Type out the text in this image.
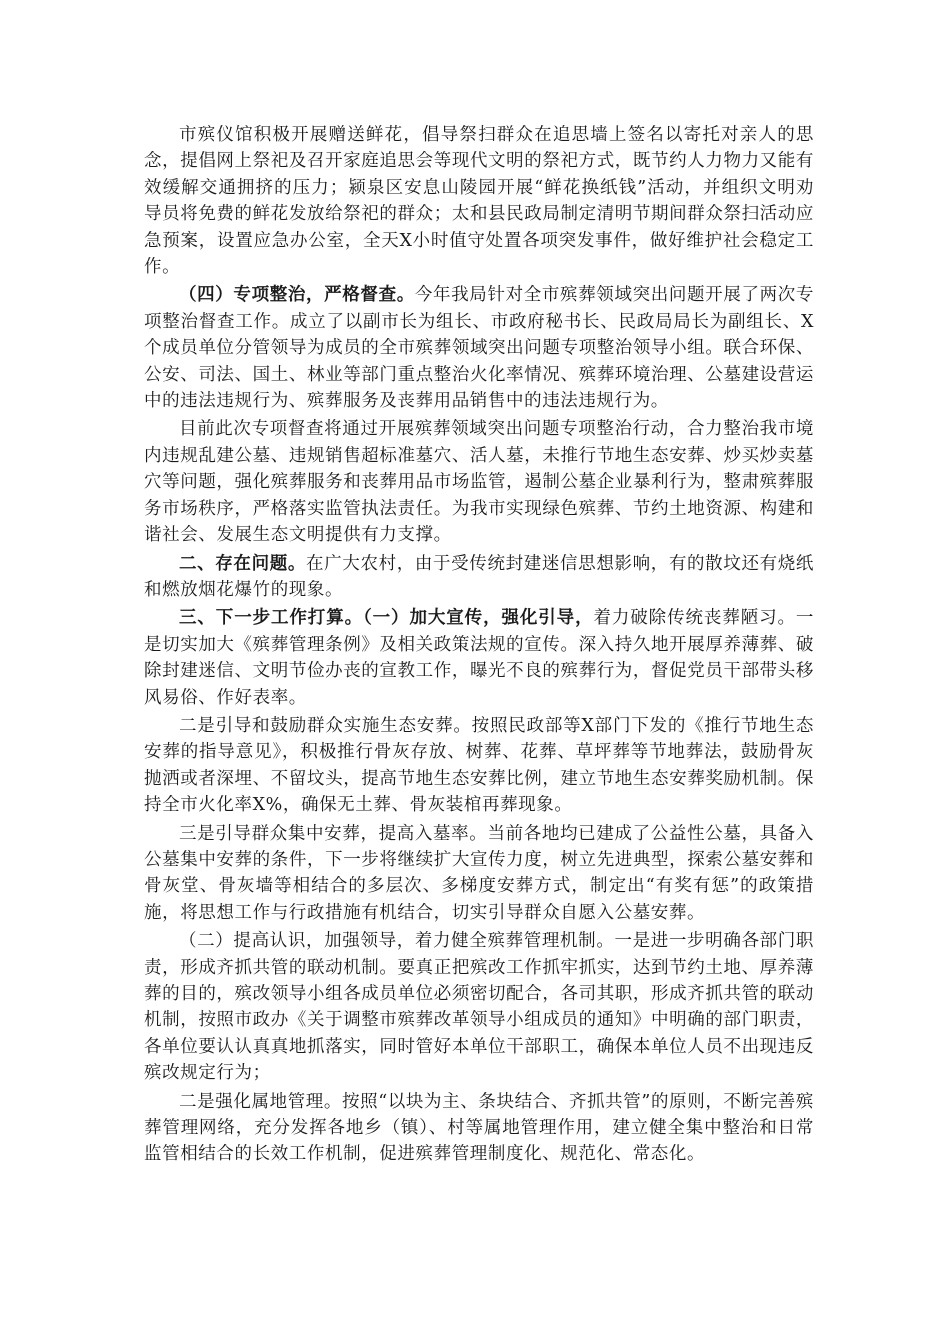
市殡仪馆积极开展赠送鲜花，倡导祭扫群众在追思墙上签名以寄托对亲人的思念，提倡网上祭祀及召开家庭追思会等现代文明的祭祀方式，既节约人力物力又能有效缓解交通拥挤的压力；颍泉区安息山陵园开展“鲜花换纸钱”活动，并组织文明劝导员将免费的鲜花发放给祭祀的群众；太和县民政局制定清明节期间群众祭扫活动应急预案，设置应急办公室，全天X小时值守处置各项突发事件，做好维护社会稳定工作。

（四）专项整治，严格督查。今年我局针对全市殡葬领域突出问题开展了两次专项整治督查工作。成立了以副市长为组长、市政府秘书长、民政局局长为副组长、X个成员单位分管领导为成员的全市殡葬领域突出问题专项整治领导小组。联合环保、公安、司法、国土、林业等部门重点整治火化率情况、殡葬环境治理、公墓建设营运中的违法违规行为、殡葬服务及丧葬用品销售中的违法违规行为。

目前此次专项督查将通过开展殡葬领域突出问题专项整治行动，合力整治我市境内违规乱建公墓、违规销售超标准墓穴、活人墓，未推行节地生态安葬、炒买炒卖墓穴等问题，强化殡葬服务和丧葬用品市场监管，遏制公墓企业暴利行为，整肃殡葬服务市场秩序，严格落实监管执法责任。为我市实现绿色殡葬、节约土地资源、构建和谐社会、发展生态文明提供有力支撑。

二、存在问题。在广大农村，由于受传统封建迷信思想影响，有的散坟还有烧纸和燃放烟花爆竹的现象。

三、下一步工作打算。（一）加大宣传，强化引导，着力破除传统丧葬陋习。一是切实加大《殡葬管理条例》及相关政策法规的宣传。深入持久地开展厚养薄葬、破除封建迷信、文明节俭办丧的宣教工作，曝光不良的殡葬行为，督促党员干部带头移风易俗、作好表率。

二是引导和鼓励群众实施生态安葬。按照民政部等X部门下发的《推行节地生态安葬的指导意见》，积极推行骨灰存放、树葬、花葬、草坪葬等节地葬法，鼓励骨灰抛洒或者深埋、不留坟头，提高节地生态安葬比例，建立节地生态安葬奖励机制。保持全市火化率X%，确保无土葬、骨灰装棺再葬现象。

三是引导群众集中安葬，提高入墓率。当前各地均已建成了公益性公墓，具备入公墓集中安葬的条件，下一步将继续扩大宣传力度，树立先进典型，探索公墓安葬和骨灰堂、骨灰墙等相结合的多层次、多梯度安葬方式，制定出“有奖有惩”的政策措施，将思想工作与行政措施有机结合，切实引导群众自愿入公墓安葬。

（二）提高认识，加强领导，着力健全殡葬管理机制。一是进一步明确各部门职责，形成齐抓共管的联动机制。要真正把殡改工作抓牢抓实，达到节约土地、厚养薄葬的目的，殡改领导小组各成员单位必须密切配合，各司其职，形成齐抓共管的联动机制，按照市政办《关于调整市殡葬改革领导小组成员的通知》中明确的部门职责，各单位要认认真真地抓落实，同时管好本单位干部职工，确保本单位人员不出现违反殡改规定行为；

二是强化属地管理。按照“以块为主、条块结合、齐抓共管”的原则，不断完善殡葬管理网络，充分发挥各地乡（镇）、村等属地管理作用，建立健全集中整治和日常监管相结合的长效工作机制，促进殡葬管理制度化、规范化、常态化。
